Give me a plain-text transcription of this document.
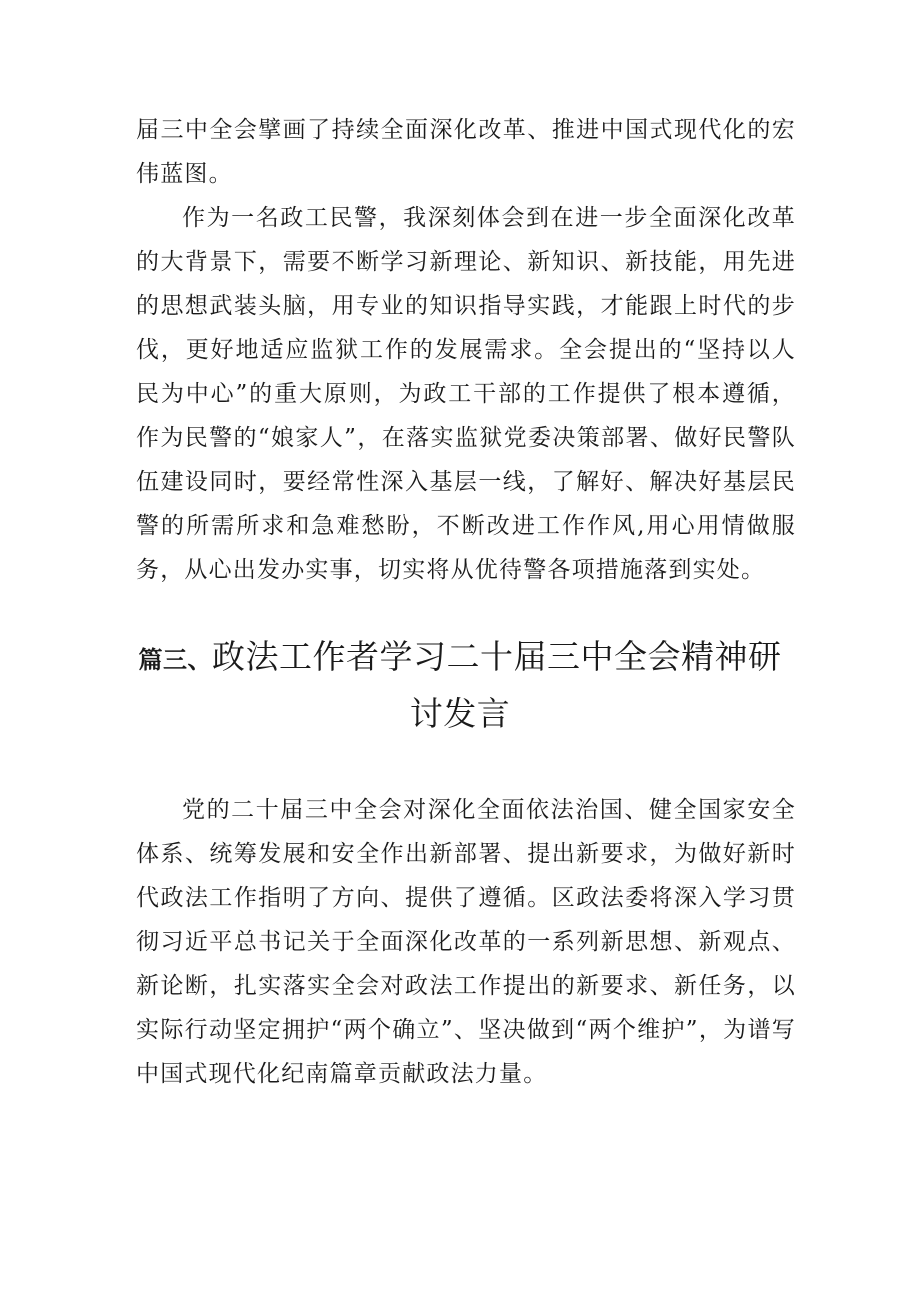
届三中全会擘画了持续全面深化改革、推进中国式现代化的宏伟蓝图。

作为一名政工民警，我深刻体会到在进一步全面深化改革的大背景下，需要不断学习新理论、新知识、新技能，用先进的思想武装头脑，用专业的知识指导实践，才能跟上时代的步伐，更好地适应监狱工作的发展需求。全会提出的“坚持以人民为中心”的重大原则，为政工干部的工作提供了根本遵循，作为民警的“娘家人”，在落实监狱党委决策部署、做好民警队伍建设同时，要经常性深入基层一线，了解好、解决好基层民警的所需所求和急难愁盼，不断改进工作作风,用心用情做服务，从心出发办实事，切实将从优待警各项措施落到实处。

篇三、政法工作者学习二十届三中全会精神研讨发言

党的二十届三中全会对深化全面依法治国、健全国家安全体系、统筹发展和安全作出新部署、提出新要求，为做好新时代政法工作指明了方向、提供了遵循。区政法委将深入学习贯彻习近平总书记关于全面深化改革的一系列新思想、新观点、新论断，扎实落实全会对政法工作提出的新要求、新任务，以实际行动坚定拥护“两个确立”、坚决做到“两个维护”，为谱写中国式现代化纪南篇章贡献政法力量。
